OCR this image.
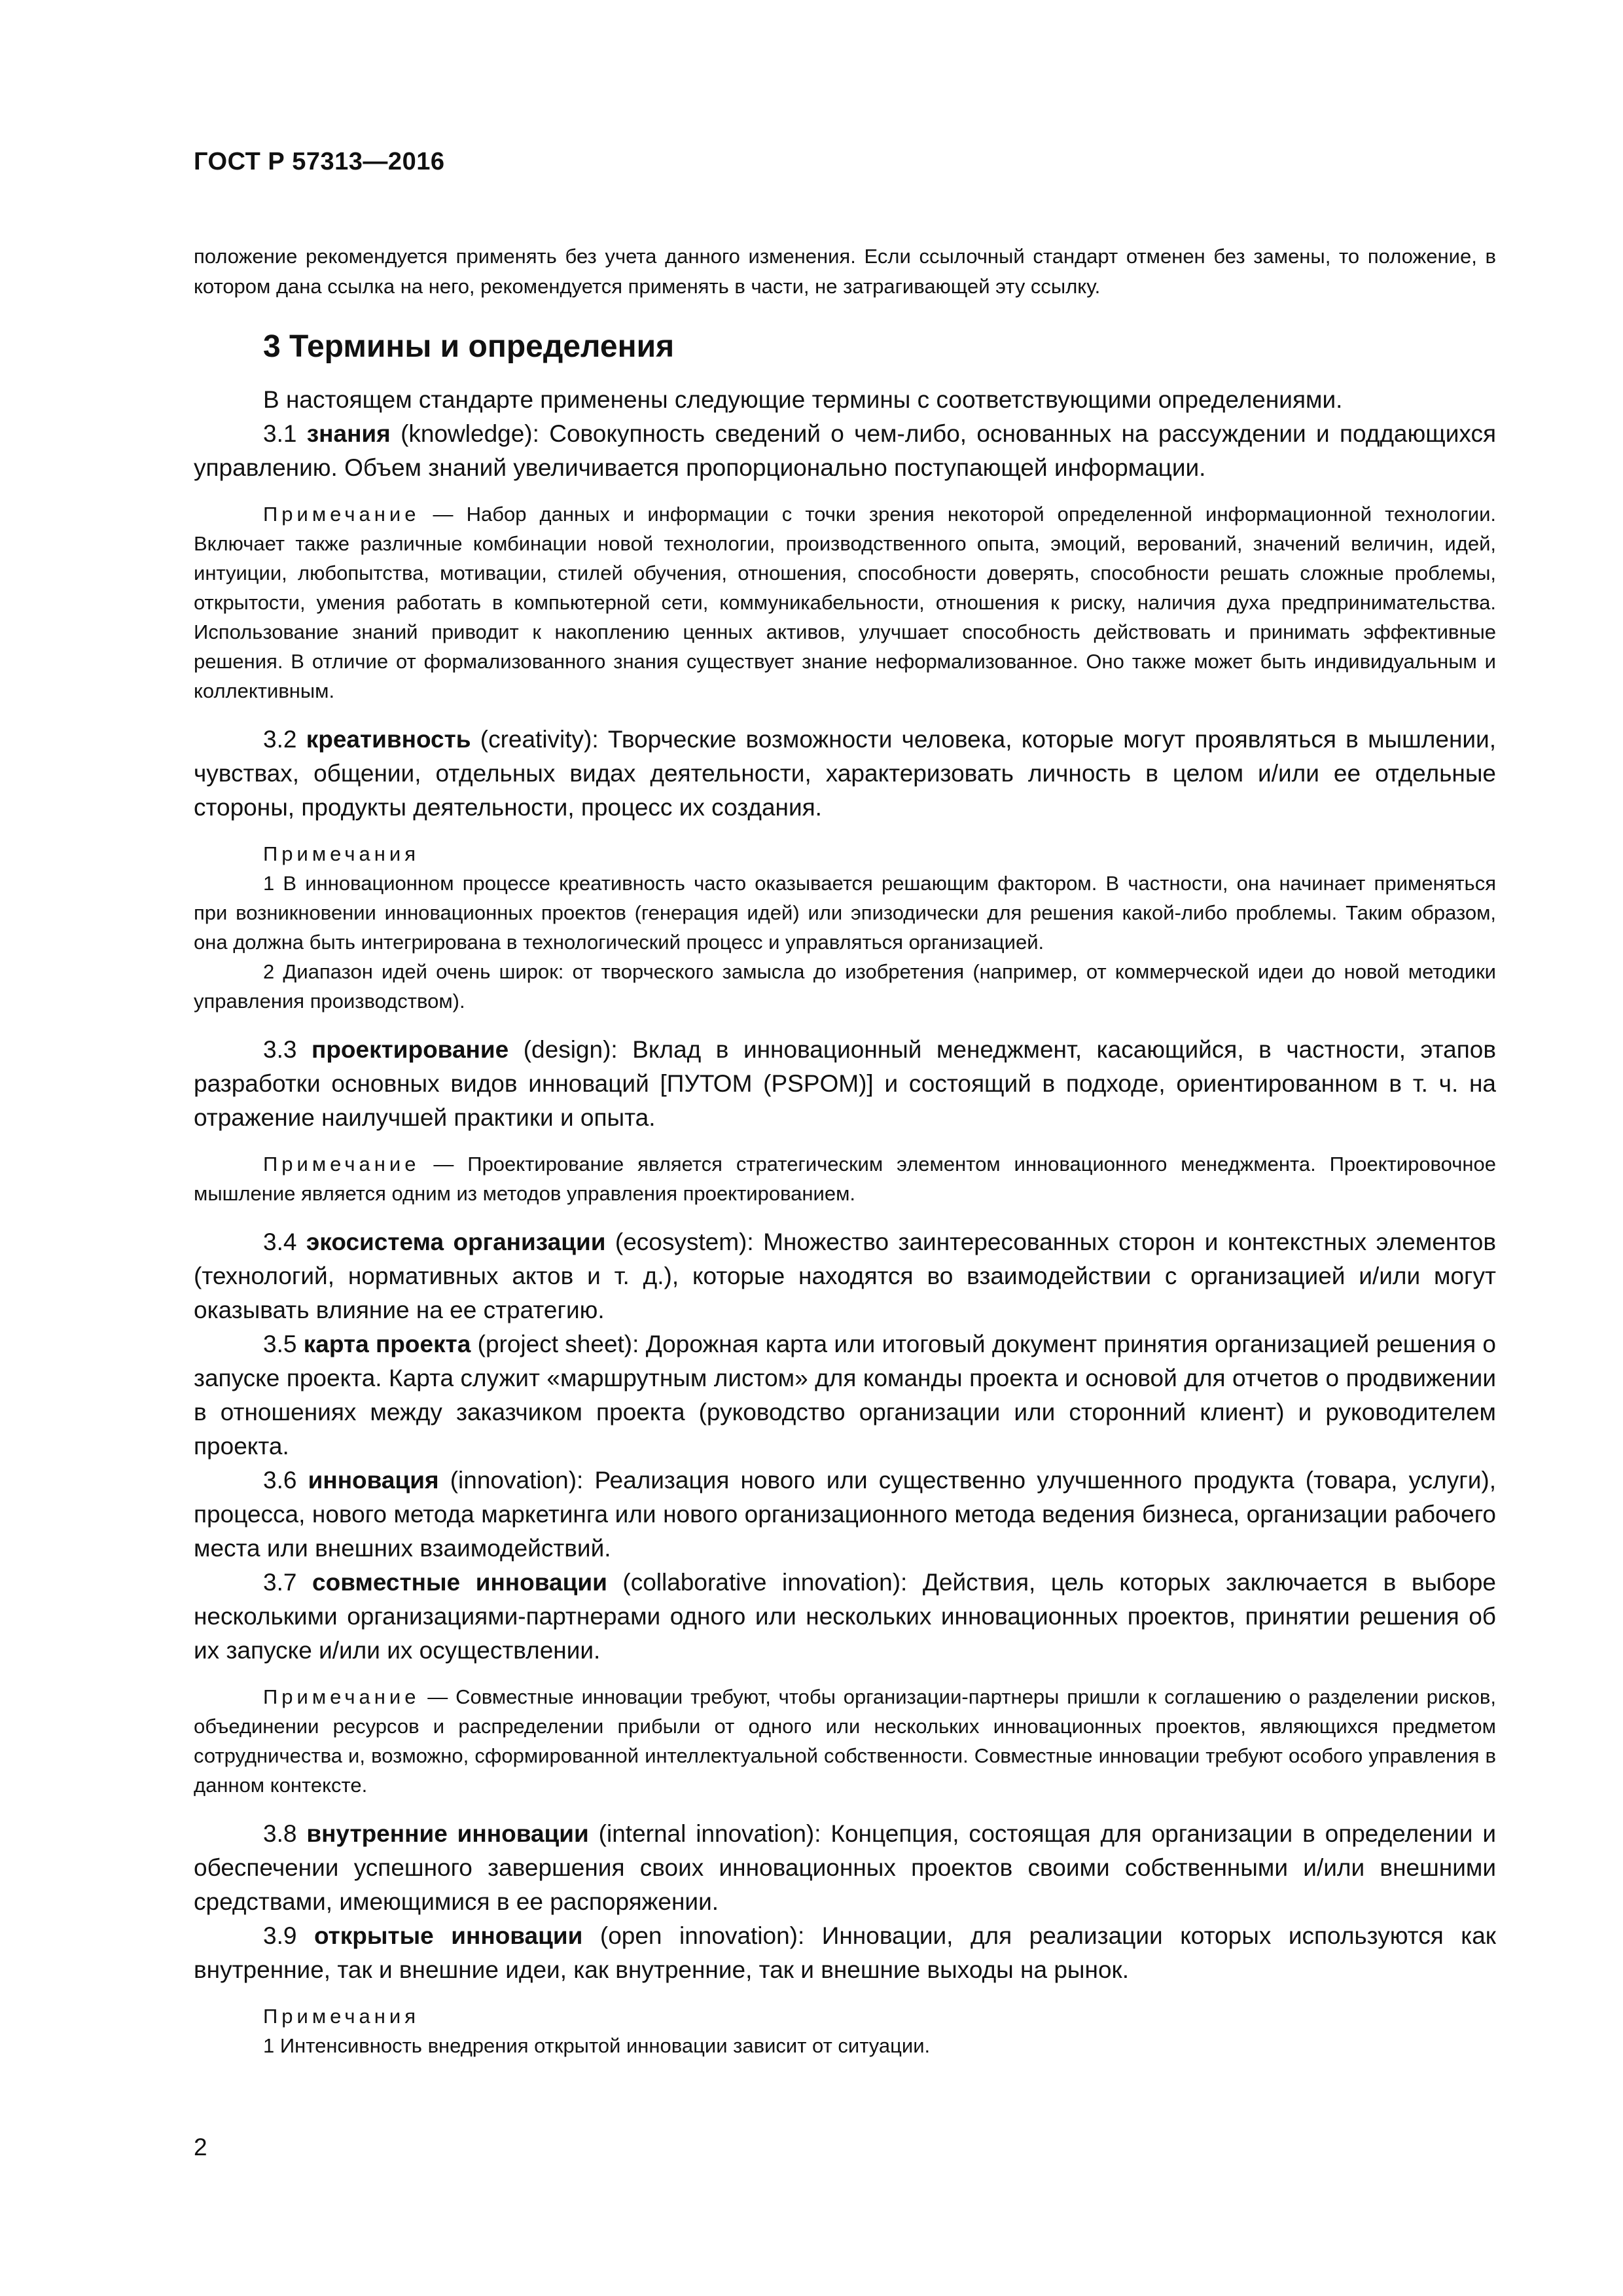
ГОСТ Р 57313—2016

положение рекомендуется применять без учета данного изменения. Если ссылочный стандарт отменен без замены, то положение, в котором дана ссылка на него, рекомендуется применять в части, не затрагивающей эту ссылку.

3 Термины и определения

В настоящем стандарте применены следующие термины с соответствующими определениями.

3.1 знания (knowledge): Совокупность сведений о чем-либо, основанных на рассуждении и поддающихся управлению. Объем знаний увеличивается пропорционально поступающей информации.

Примечание — Набор данных и информации с точки зрения некоторой определенной информационной технологии. Включает также различные комбинации новой технологии, производственного опыта, эмоций, верований, значений величин, идей, интуиции, любопытства, мотивации, стилей обучения, отношения, способности доверять, способности решать сложные проблемы, открытости, умения работать в компьютерной сети, коммуникабельности, отношения к риску, наличия духа предпринимательства. Использование знаний приводит к накоплению ценных активов, улучшает способность действовать и принимать эффективные решения. В отличие от формализованного знания существует знание неформализованное. Оно также может быть индивидуальным и коллективным.

3.2 креативность (creativity): Творческие возможности человека, которые могут проявляться в мышлении, чувствах, общении, отдельных видах деятельности, характеризовать личность в целом и/или ее отдельные стороны, продукты деятельности, процесс их создания.

Примечания

1 В инновационном процессе креативность часто оказывается решающим фактором. В частности, она начинает применяться при возникновении инновационных проектов (генерация идей) или эпизодически для решения какой-либо проблемы. Таким образом, она должна быть интегрирована в технологический процесс и управляться организацией.

2 Диапазон идей очень широк: от творческого замысла до изобретения (например, от коммерческой идеи до новой методики управления производством).

3.3 проектирование (design): Вклад в инновационный менеджмент, касающийся, в частности, этапов разработки основных видов инноваций [ПУТОМ (PSPOM)] и состоящий в подходе, ориентированном в т. ч. на отражение наилучшей практики и опыта.

Примечание — Проектирование является стратегическим элементом инновационного менеджмента. Проектировочное мышление является одним из методов управления проектированием.

3.4 экосистема организации (ecosystem): Множество заинтересованных сторон и контекстных элементов (технологий, нормативных актов и т. д.), которые находятся во взаимодействии с организацией и/или могут оказывать влияние на ее стратегию.

3.5 карта проекта (project sheet): Дорожная карта или итоговый документ принятия организацией решения о запуске проекта. Карта служит «маршрутным листом» для команды проекта и основой для отчетов о продвижении в отношениях между заказчиком проекта (руководство организации или сторонний клиент) и руководителем проекта.

3.6 инновация (innovation): Реализация нового или существенно улучшенного продукта (товара, услуги), процесса, нового метода маркетинга или нового организационного метода ведения бизнеса, организации рабочего места или внешних взаимодействий.

3.7 совместные инновации (collaborative innovation): Действия, цель которых заключается в выборе несколькими организациями-партнерами одного или нескольких инновационных проектов, принятии решения об их запуске и/или их осуществлении.

Примечание — Совместные инновации требуют, чтобы организации-партнеры пришли к соглашению о разделении рисков, объединении ресурсов и распределении прибыли от одного или нескольких инновационных проектов, являющихся предметом сотрудничества и, возможно, сформированной интеллектуальной собственности. Совместные инновации требуют особого управления в данном контексте.

3.8 внутренние инновации (internal innovation): Концепция, состоящая для организации в определении и обеспечении успешного завершения своих инновационных проектов своими собственными и/или внешними средствами, имеющимися в ее распоряжении.

3.9 открытые инновации (open innovation): Инновации, для реализации которых используются как внутренние, так и внешние идеи, как внутренние, так и внешние выходы на рынок.

Примечания

1 Интенсивность внедрения открытой инновации зависит от ситуации.

2
